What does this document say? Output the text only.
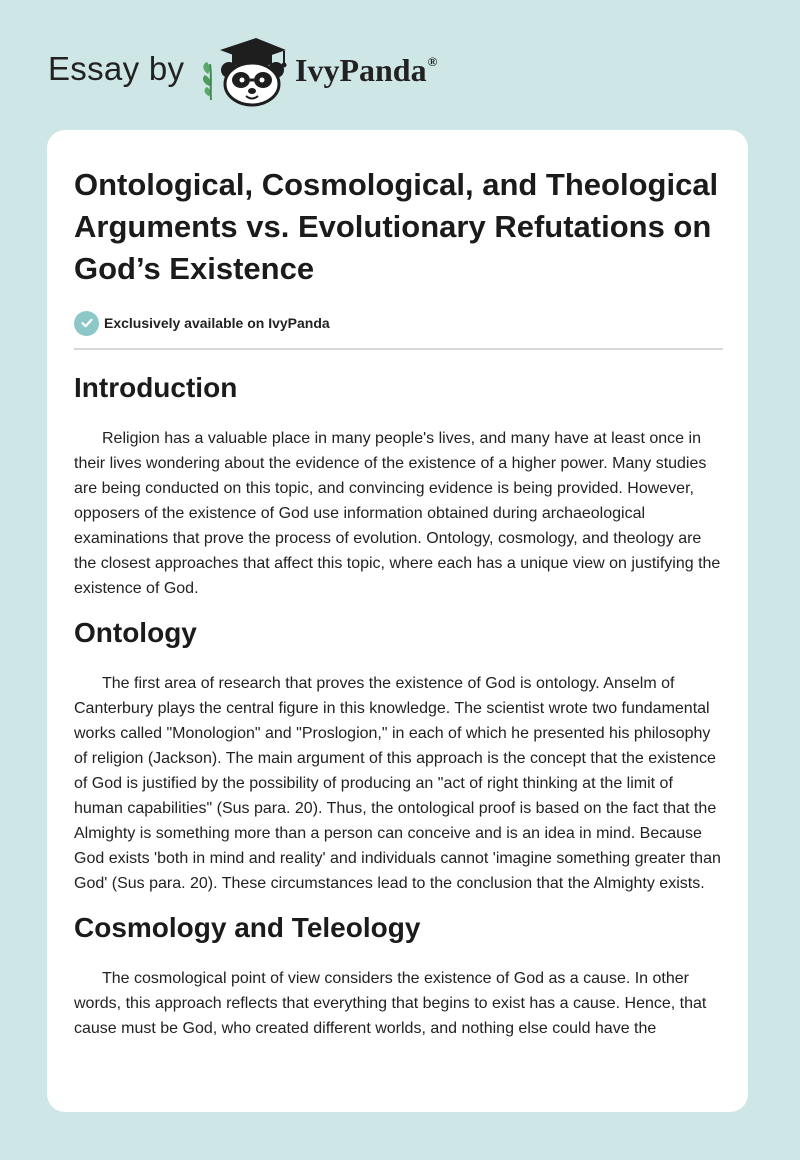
Essay by	IvyPanda®
Ontological, Cosmological, and Theological Arguments vs. Evolutionary Refutations on God’s Existence
Exclusively available on IvyPanda
Introduction

Religion has a valuable place in many people's lives, and many have at least once in their lives wondering about the evidence of the existence of a higher power. Many studies are being conducted on this topic, and convincing evidence is being provided. However, opposers of the existence of God use information obtained during archaeological examinations that prove the process of evolution. Ontology, cosmology, and theology are the closest approaches that affect this topic, where each has a unique view on justifying the existence of God.

Ontology

The first area of research that proves the existence of God is ontology. Anselm of Canterbury plays the central figure in this knowledge. The scientist wrote two fundamental works called "Monologion" and "Proslogion," in each of which he presented his philosophy of religion (Jackson). The main argument of this approach is the concept that the existence of God is justified by the possibility of producing an "act of right thinking at the limit of human capabilities" (Sus para. 20). Thus, the ontological proof is based on the fact that the Almighty is something more than a person can conceive and is an idea in mind. Because God exists 'both in mind and reality' and individuals cannot 'imagine something greater than God' (Sus para. 20). These circumstances lead to the conclusion that the Almighty exists.

Cosmology and Teleology

The cosmological point of view considers the existence of God as a cause. In other words, this approach reflects that everything that begins to exist has a cause. Hence, that cause must be God, who created different worlds, and nothing else could have the
